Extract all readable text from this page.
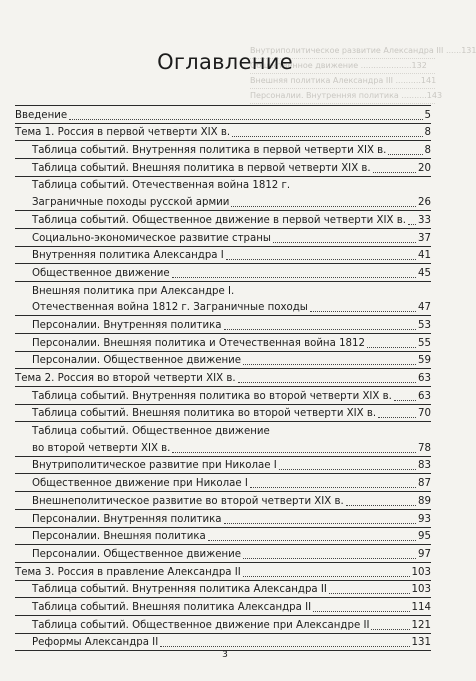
Внутриполитическое развитие Александра III ......131
Общественное движение ....................132
Внешняя политика Александра III ..........141
Персоналии. Внутренняя политика ..........143
Оглавление
Введение	5
Тема 1. Россия в первой четверти XIX в.	8
Таблица событий. Внутренняя политика в первой четверти XIX в.	8
Таблица событий. Внешняя политика в первой четверти XIX в.	20
Таблица событий. Отечественная война 1812 г.
Заграничные походы русской армии	26
Таблица событий. Общественное движение в первой четверти XIX в. 33
Социально-экономическое развитие страны	37
Внутренняя политика Александра I	41
Общественное движение	45
Внешняя политика при Александре I.
Отечественная война 1812 г. Заграничные походы	47
Персоналии. Внутренняя политика	53
Персоналии. Внешняя политика и Отечественная война 1812	55
Персоналии. Общественное движение	59
Тема 2. Россия во второй четверти XIX в.	63
Таблица событий. Внутренняя политика во второй четверти XIX в.	63
Таблица событий. Внешняя политика во второй четверти XIX в.	70
Таблица событий. Общественное движение
во второй четверти XIX в.	78
Внутриполитическое развитие при Николае I	83
Общественное движение при Николае I	87
Внешнеполитическое развитие во второй четверти XIX в.	89
Персоналии. Внутренняя политика	93
Персоналии. Внешняя политика	95
Персоналии. Общественное движение	97
Тема 3. Россия в правление Александра II	103
Таблица событий. Внутренняя политика Александра II	103
Таблица событий. Внешняя политика Александра II	114
Таблица событий. Общественное движение при Александре II	121
Реформы Александра II	131
3
